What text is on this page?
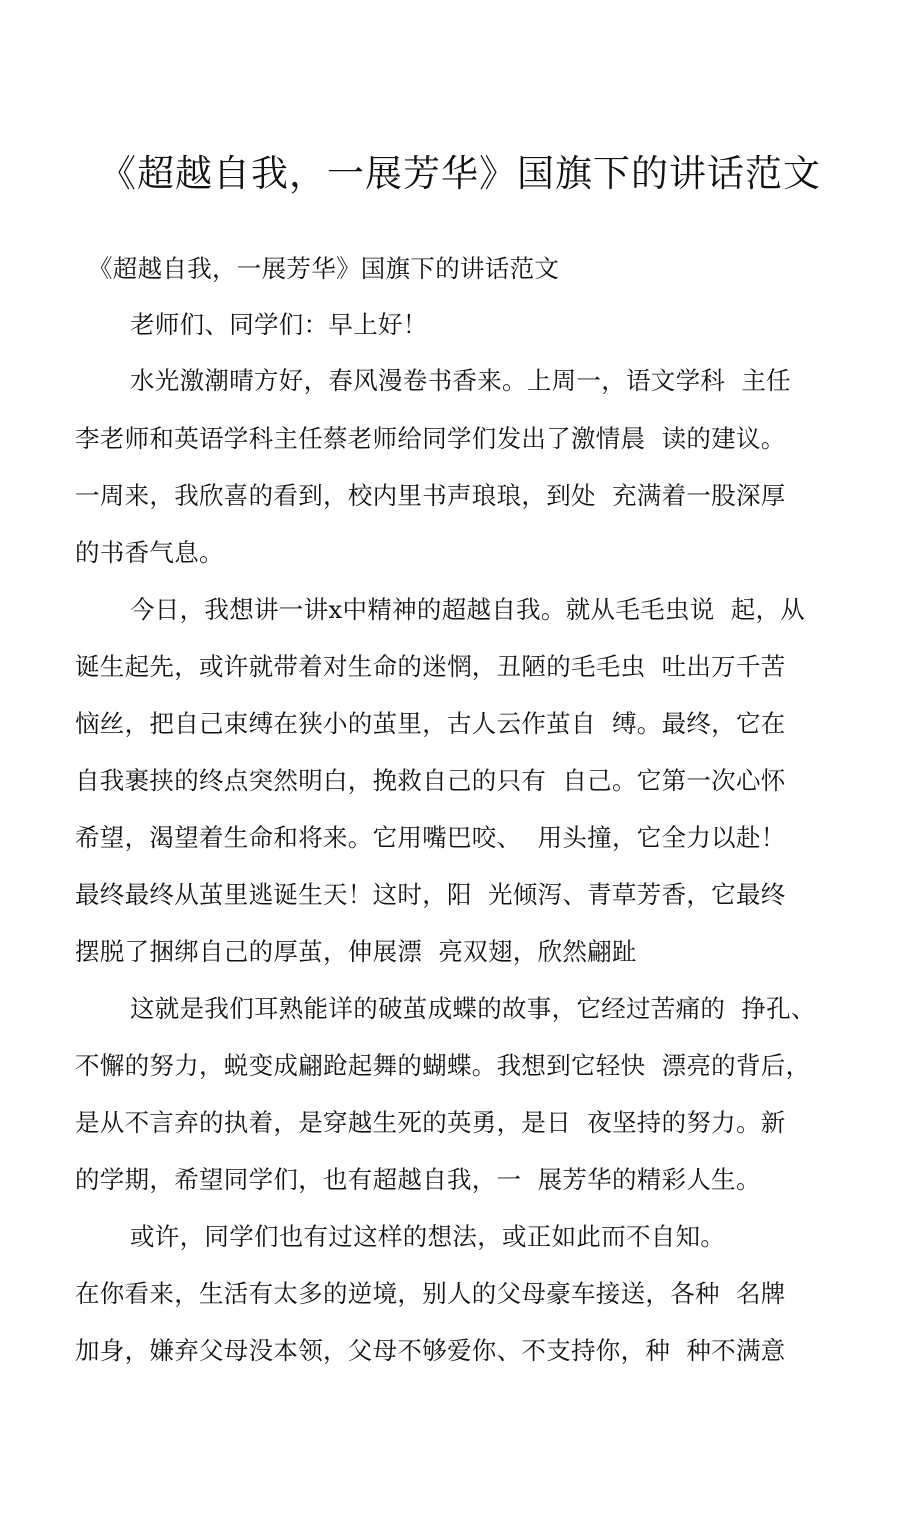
《超越自我，一展芳华》国旗下的讲话范文
《超越自我，一展芳华》国旗下的讲话范文
老师们、同学们：早上好！
水光激潮晴方好，春风漫卷书香来。上周一，语文学科  主任
李老师和英语学科主任蔡老师给同学们发出了激情晨  读的建议。
一周来，我欣喜的看到，校内里书声琅琅，到处  充满着一股深厚
的书香气息。
今日，我想讲一讲x中精神的超越自我。就从毛毛虫说  起，从
诞生起先，或许就带着对生命的迷惘，丑陋的毛毛虫  吐出万千苦
恼丝，把自己束缚在狭小的茧里，古人云作茧自  缚。最终，它在
自我裹挟的终点突然明白，挽救自己的只有  自己。它第一次心怀
希望，渴望着生命和将来。它用嘴巴咬、  用头撞，它全力以赴！
最终最终从茧里逃诞生天！这时，阳  光倾泻、青草芳香，它最终
摆脱了捆绑自己的厚茧，伸展漂  亮双翅，欣然翩趾
这就是我们耳熟能详的破茧成蝶的故事，它经过苦痛的  挣孔、
不懈的努力，蜕变成翩跄起舞的蝴蝶。我想到它轻快  漂亮的背后，
是从不言弃的执着，是穿越生死的英勇，是日  夜坚持的努力。新
的学期，希望同学们，也有超越自我，一  展芳华的精彩人生。
或许，同学们也有过这样的想法，或正如此而不自知。
在你看来，生活有太多的逆境，别人的父母豪车接送，各种  名牌
加身，嫌弃父母没本领，父母不够爱你、不支持你，种  种不满意
